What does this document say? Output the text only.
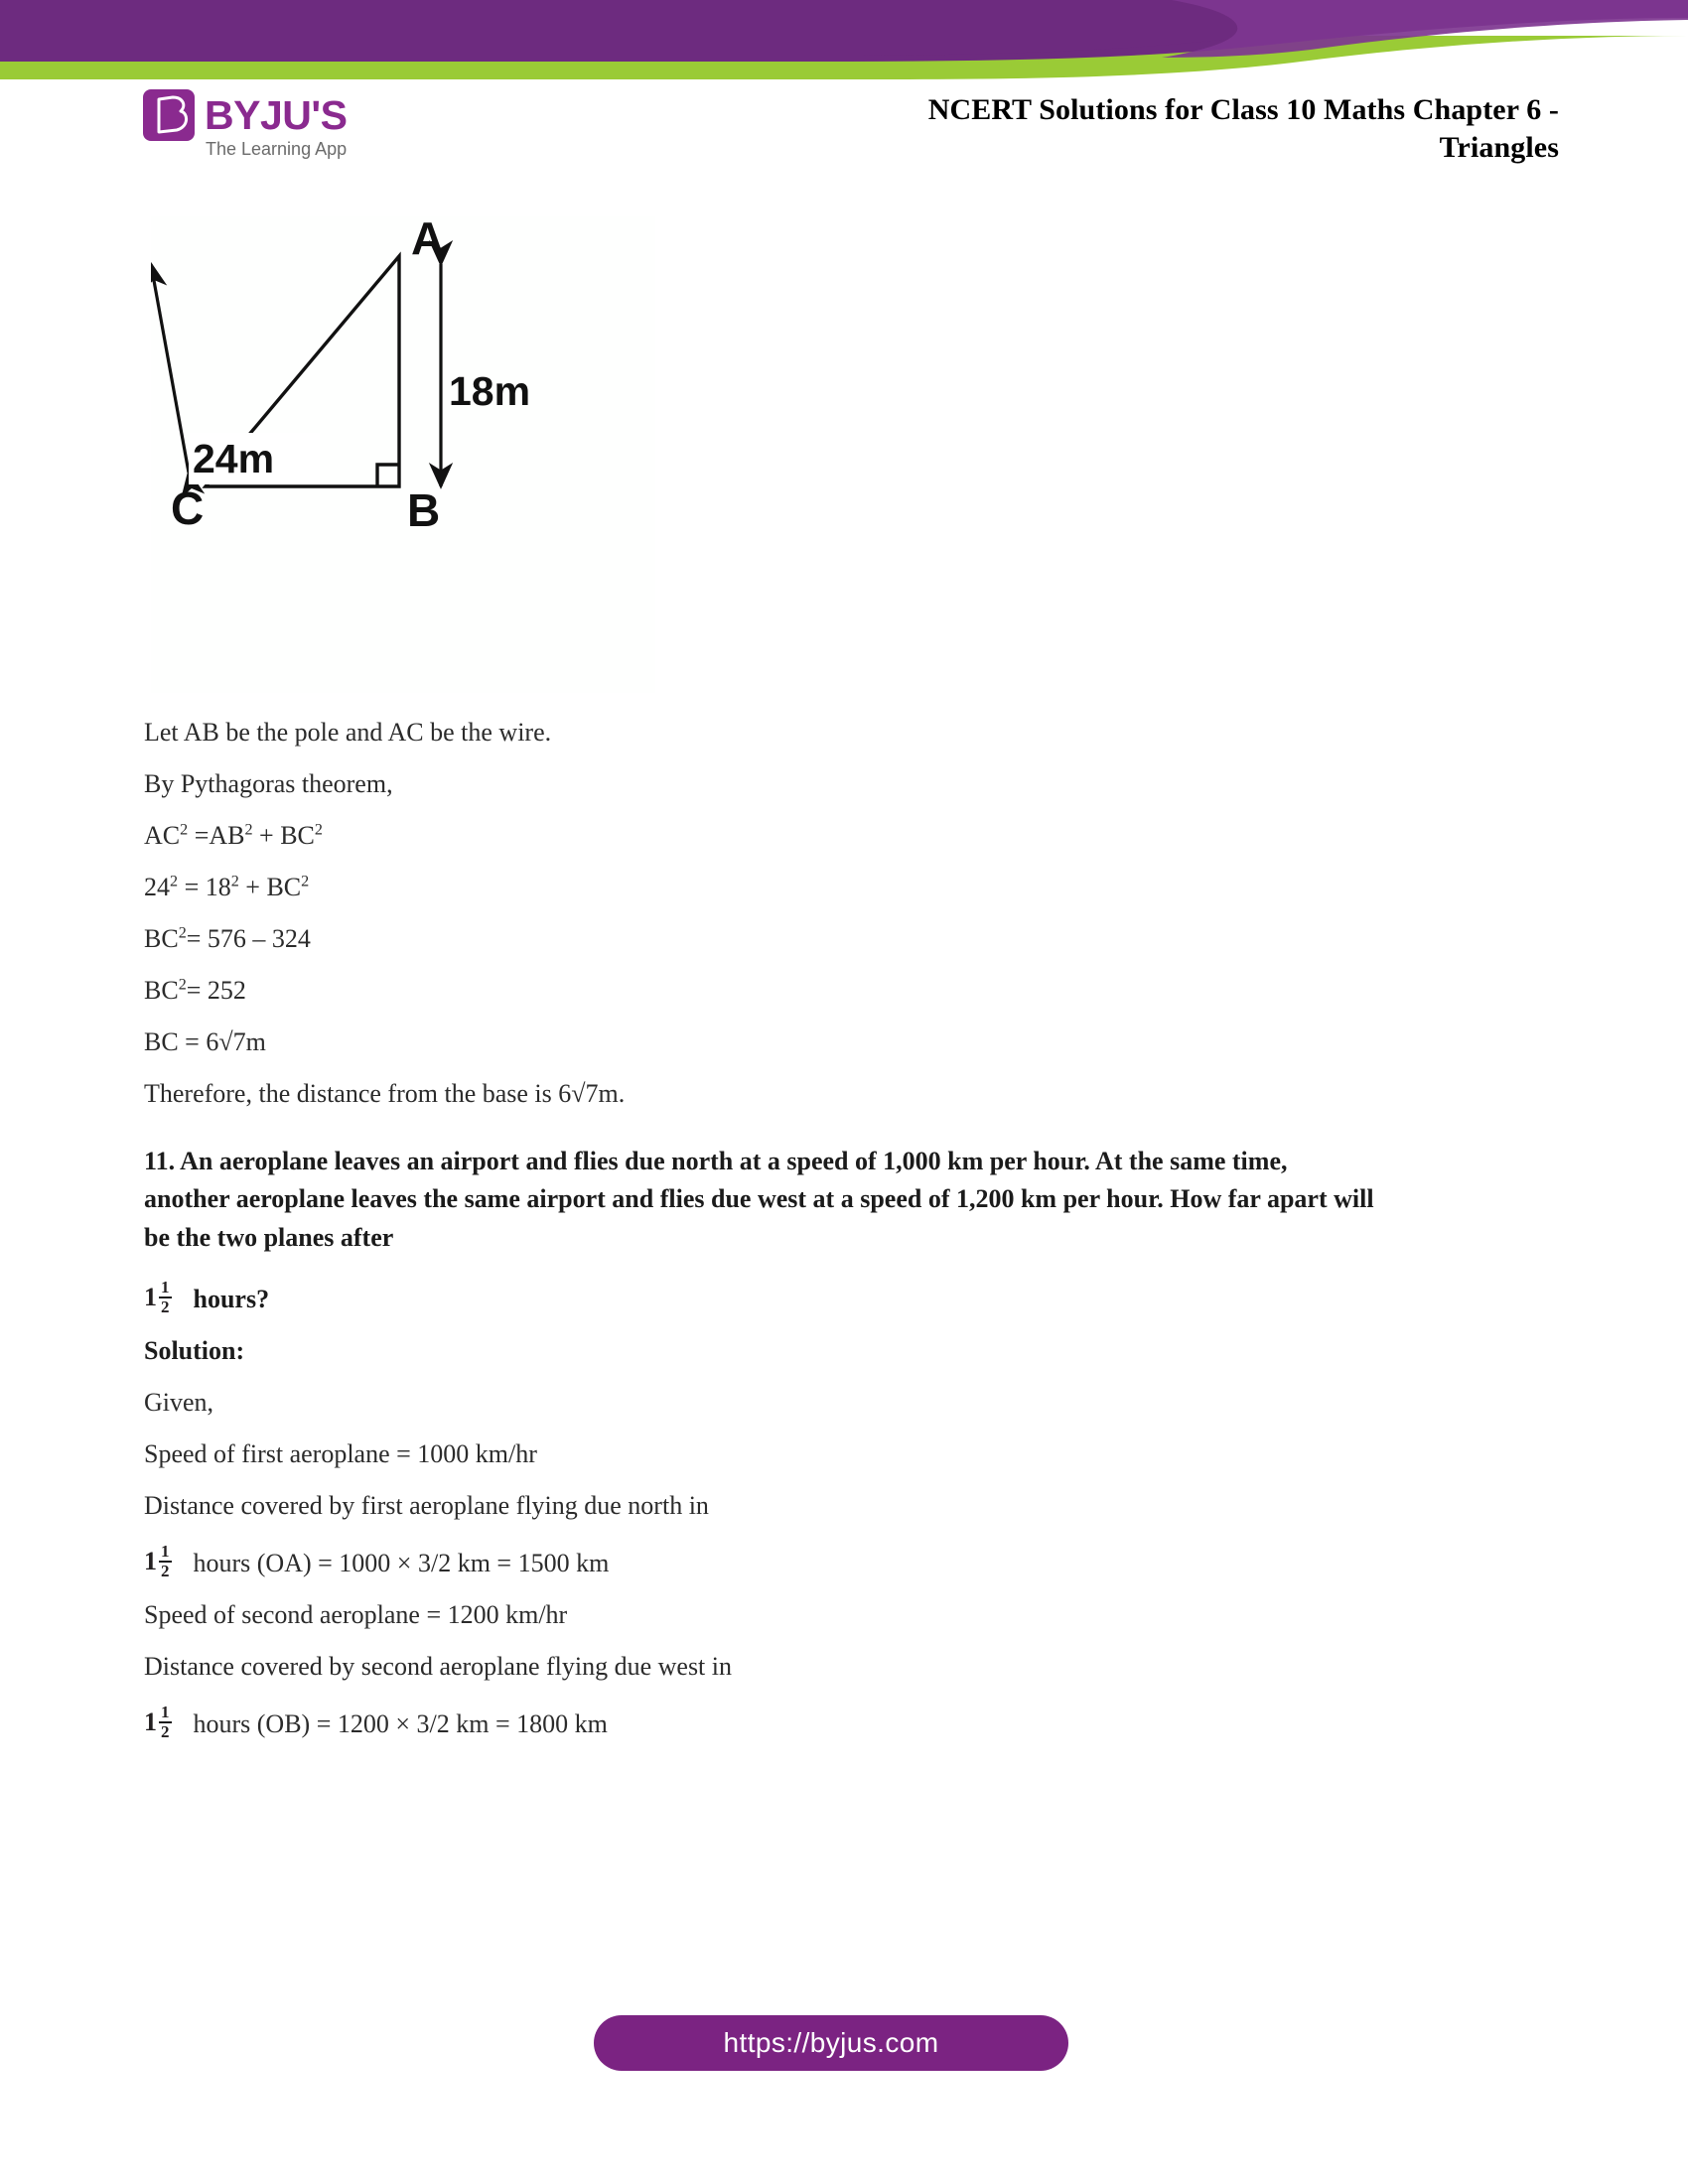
BYJU'S
The Learning App
NCERT Solutions for Class 10 Maths Chapter 6 -
Triangles
24m
18m
A
B
C

Let AB be the pole and AC be the wire.

By Pythagoras theorem,

$AC^2 =AB^2 + BC^2$

$24^2 = 18^2 + BC^2$

$BC^2= 576 - 324$

$BC^2= 252$

BC = 6√7m

Therefore, the distance from the base is 6√7m.

11. An aeroplane leaves an airport and flies due north at a speed of 1,000 km per hour. At the same time,

another aeroplane leaves the same airport and flies due west at a speed of 1,200 km per hour. How far apart will

be the two planes after

$1 \frac{1}{2}$ hours?

Solution:

Given,

Speed of first aeroplane = 1000 km/hr

Distance covered by first aeroplane flying due north in

$1 \frac{1}{2}$ hours (OA) = 1000 × 3/2 km = 1500 km

Speed of second aeroplane = 1200 km/hr

Distance covered by second aeroplane flying due west in

$1 \frac{1}{2}$ hours (OB) = 1200 × 3/2 km = 1800 km
https://byjus.com
